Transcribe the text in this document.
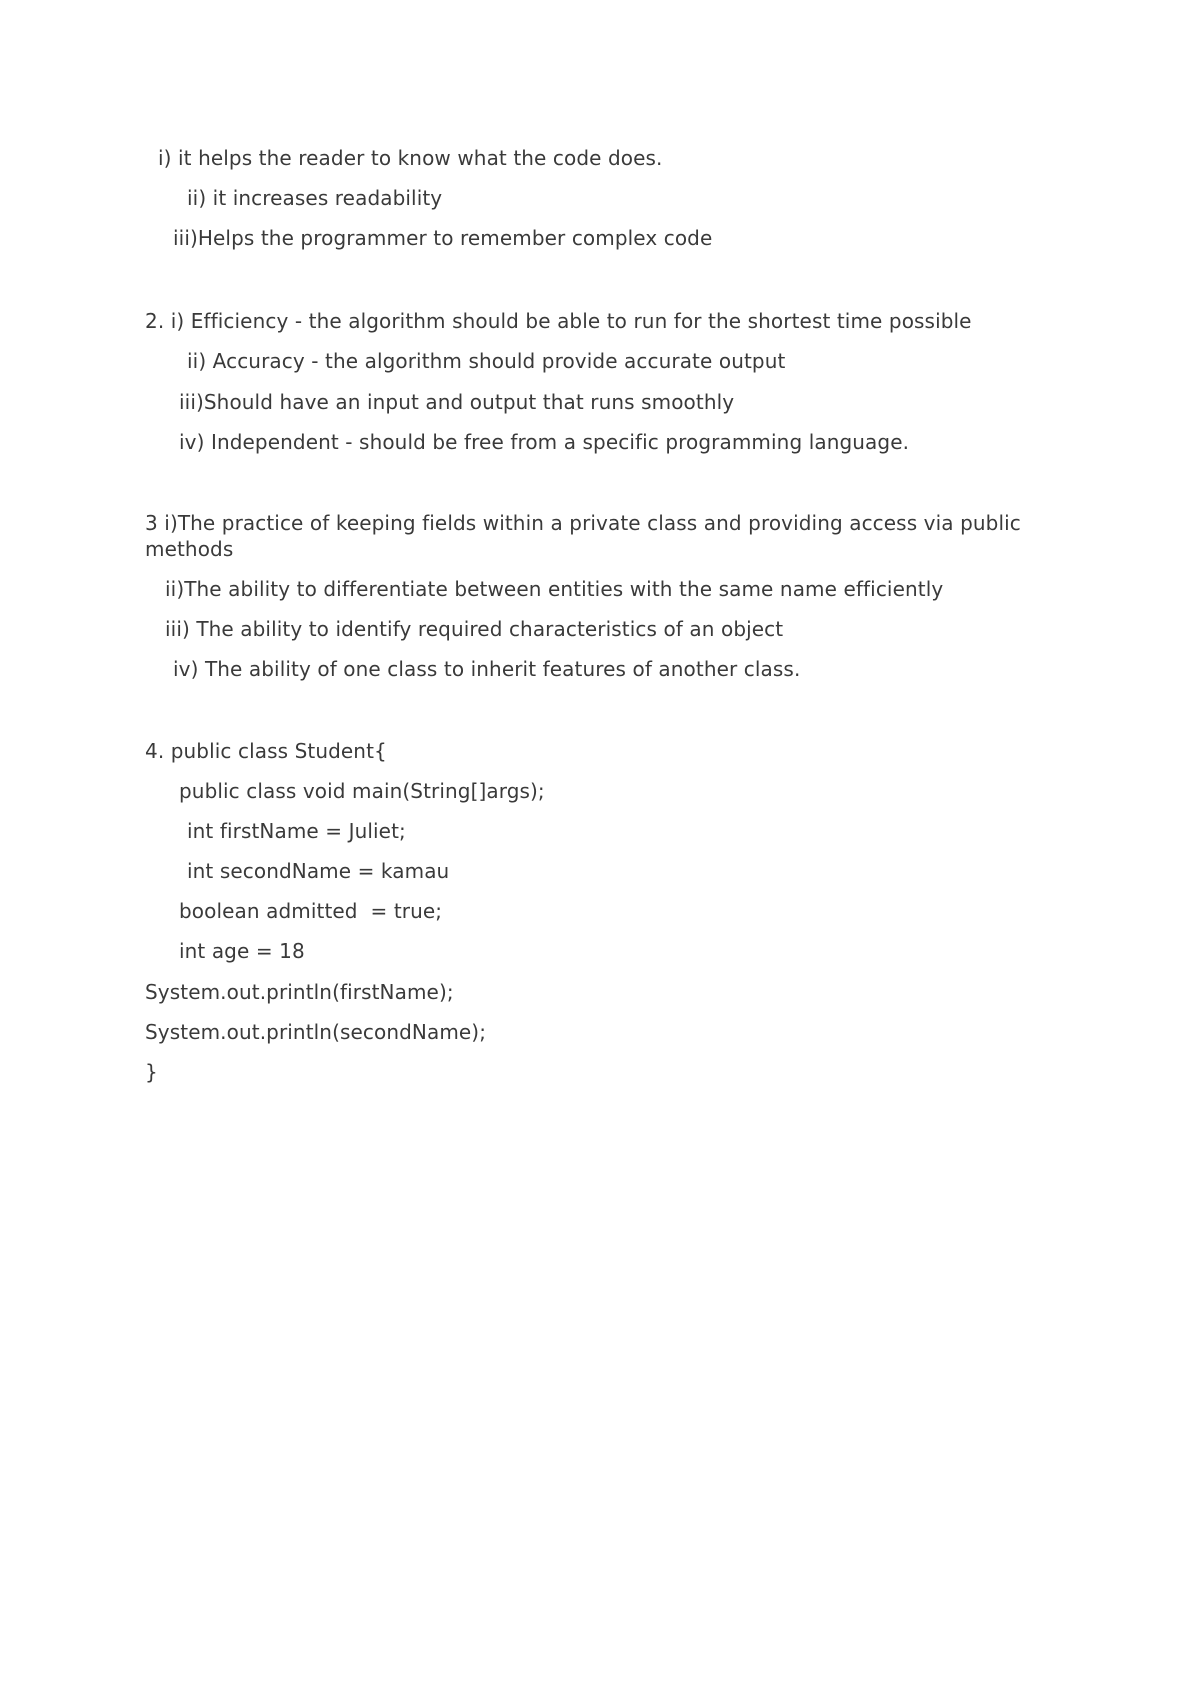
i) it helps the reader to know what the code does.
ii) it increases readability
iii)Helps the programmer to remember complex code
2. i) Efficiency - the algorithm should be able to run for the shortest time possible
ii) Accuracy - the algorithm should provide accurate output
iii)Should have an input and output that runs smoothly
iv) Independent - should be free from a specific programming language.
3 i)The practice of keeping fields within a private class and providing access via public methods
ii)The ability to differentiate between entities with the same name efficiently
iii) The ability to identify required characteristics of an object
iv) The ability of one class to inherit features of another class.
4. public class Student{
public class void main(String[]args);
int firstName = Juliet;
int secondName = kamau
boolean admitted  = true;
int age = 18
System.out.println(firstName);
System.out.println(secondName);
}
